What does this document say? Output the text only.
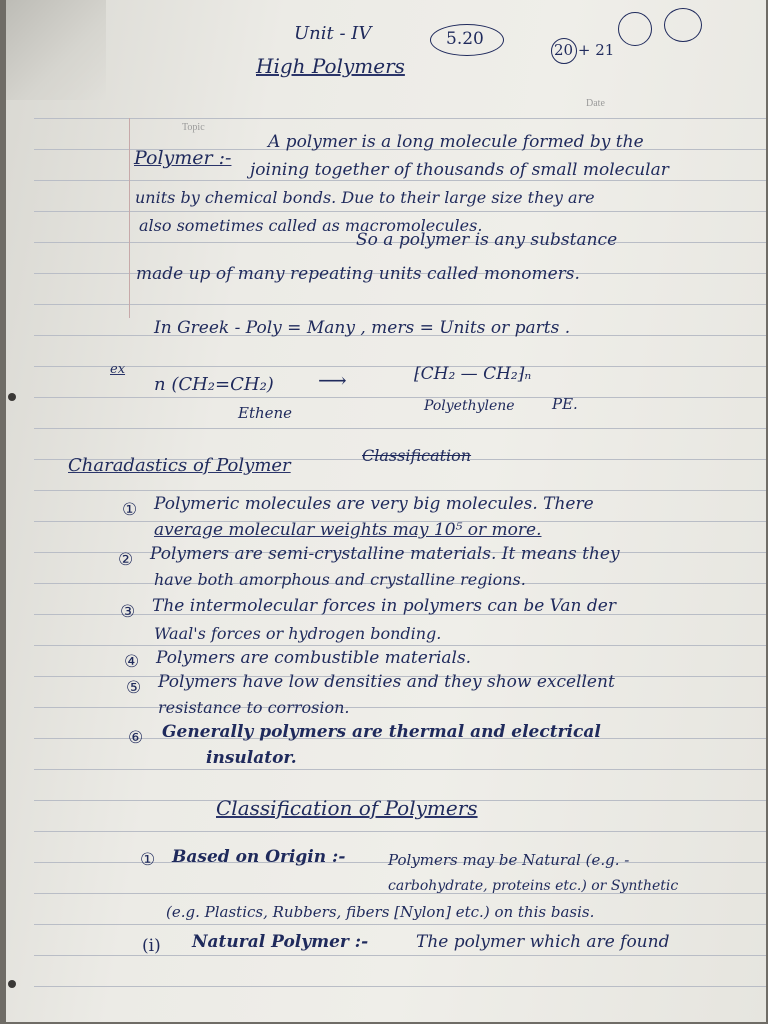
Topic
Date
Unit - IV	5.20
20 + 21
High Polymers
Polymer :-
A polymer is a long molecule formed by the
joining together of thousands of small molecular
units by chemical bonds. Due to their large size they are
also sometimes called as macromolecules.
So a polymer is any substance
made up of many repeating units called monomers.
In Greek - Poly = Many , mers = Units or parts .
ex
n (CH₂=CH₂)
Ethene
⟶	⁅CH₂ — CH₂⁆ₙ
Polyethylene PE.
Charadastics of Polymer	Classification
① Polymeric molecules are very big molecules. There
average molecular weights may 10⁵ or more.
② Polymers are semi-crystalline materials. It means they
have both amorphous and crystalline regions.
③ The intermolecular forces in polymers can be Van der
Waal's forces or hydrogen bonding.
④ Polymers are combustible materials.
⑤ Polymers have low densities and they show excellent
resistance to corrosion.
⑥ Generally polymers are thermal and electrical
insulator.
Classification of Polymers
① Based on Origin :-	Polymers may be Natural (e.g. -
carbohydrate, proteins etc.) or Synthetic
(e.g. Plastics, Rubbers, fibers [Nylon] etc.) on this basis.
(i) Natural Polymer :-	The polymer which are found
